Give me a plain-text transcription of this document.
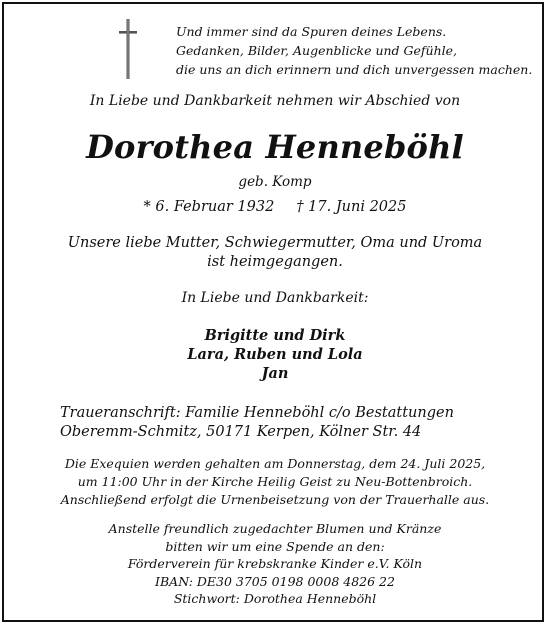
Und immer sind da Spuren deines Lebens.
Gedanken, Bilder, Augenblicke und Gefühle,
die uns an dich erinnern und dich unvergessen machen.
In Liebe und Dankbarkeit nehmen wir Abschied von
Dorothea Henneböhl
geb. Komp
* 6. Februar 1932 † 17. Juni 2025
Unsere liebe Mutter, Schwiegermutter, Oma und Uroma
ist heimgegangen.
In Liebe und Dankbarkeit:
Brigitte und Dirk
Lara, Ruben und Lola
Jan
Traueranschrift: Familie Henneböhl c/o Bestattungen
Oberemm-Schmitz, 50171 Kerpen, Kölner Str. 44
Die Exequien werden gehalten am Donnerstag, dem 24. Juli 2025,
um 11:00 Uhr in der Kirche Heilig Geist zu Neu-Bottenbroich.
Anschließend erfolgt die Urnenbeisetzung von der Trauerhalle aus.
Anstelle freundlich zugedachter Blumen und Kränze
bitten wir um eine Spende an den:
Förderverein für krebskranke Kinder e.V. Köln
IBAN: DE30 3705 0198 0008 4826 22
Stichwort: Dorothea Henneböhl
